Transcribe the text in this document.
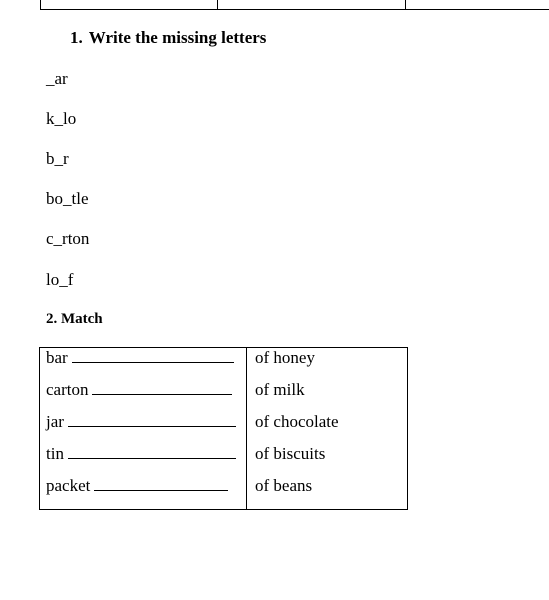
1. Write the missing letters
_ar
k_lo
b_r
bo_tle
c_rton
lo_f
2. Match
bar
carton
jar
tin
packet
of honey
of milk
of chocolate
of biscuits
of beans
